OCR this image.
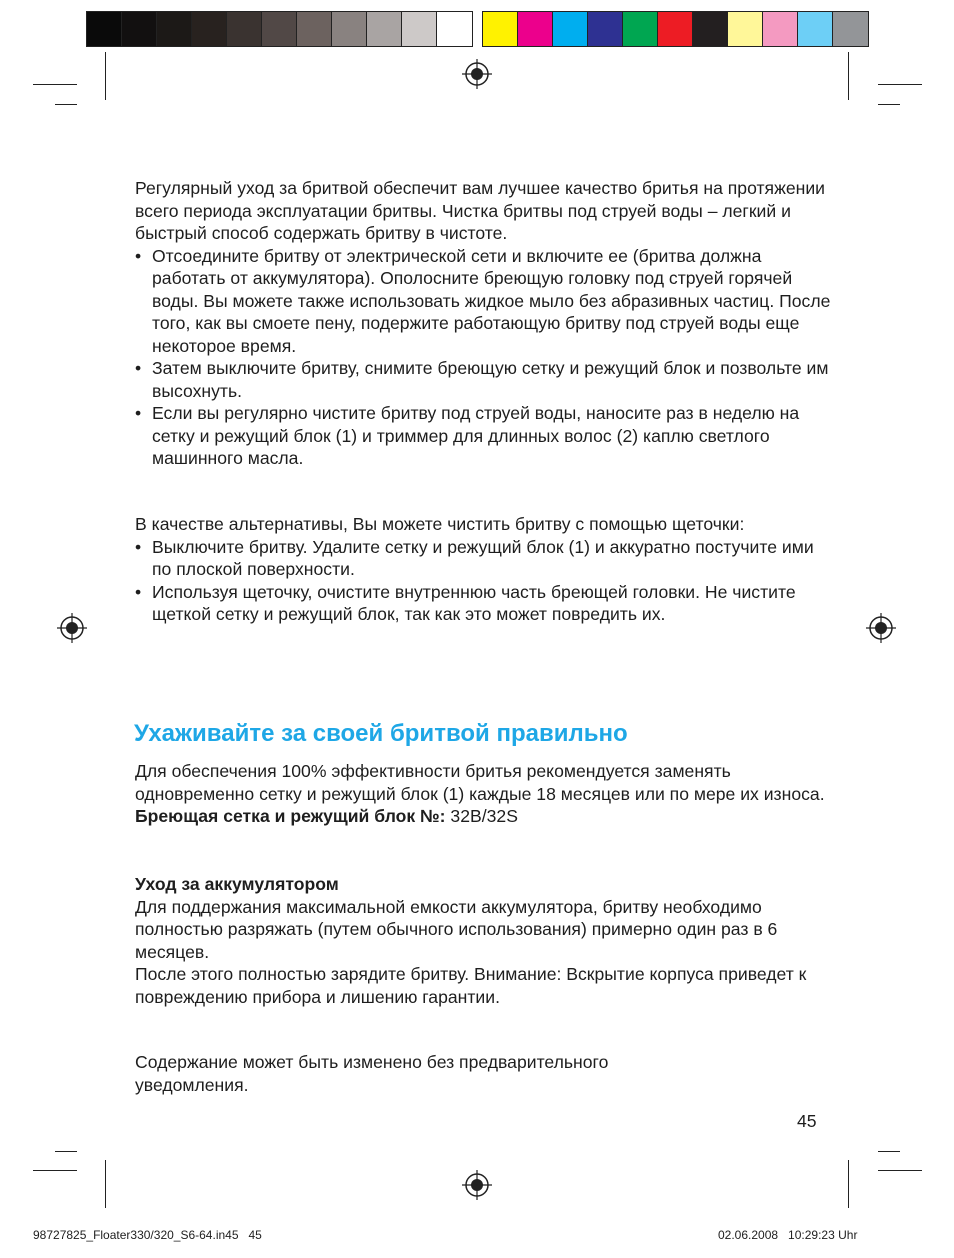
Регулярный уход за бритвой обеспечит вам лучшее качество бритья на протяжении всего периода эксплуатации бритвы. Чистка бритвы под струей воды – легкий и быстрый способ содержать бритву в чистоте.

• Отсоедините бритву от электрической сети и включите ее (бритва должна работать от аккумулятора). Ополосните бреющую головку под струей горячей воды. Вы можете также использовать жидкое мыло без абразивных частиц. После того, как вы смоете пену, подержите работающую бритву под струей воды еще некоторое время.
• Затем выключите бритву, снимите бреющую сетку и режущий блок и позвольте им высохнуть.
• Если вы регулярно чистите бритву под струей воды, наносите раз в неделю на сетку и режущий блок (1) и триммер для длинных волос (2) каплю светлого машинного масла.

В качестве альтернативы, Вы можете чистить бритву с помощью щеточки:

• Выключите бритву. Удалите сетку и режущий блок (1) и аккуратно постучите ими по плоской поверхности.
• Используя щеточку, очистите внутреннюю часть бреющей головки. Не чистите щеткой сетку и режущий блок, так как это может повредить их.
Ухаживайте за своей бритвой правильно

Для обеспечения 100% эффективности бритья рекомендуется заменять одновременно сетку и режущий блок (1) каждые 18 месяцев или по мере их износа.

Бреющая сетка и режущий блок №: 32B/32S

Уход за аккумулятором

Для поддержания максимальной емкости аккумулятора, бритву необходимо полностью разряжать (путем обычного использования) примерно один раз в 6 месяцев.

После этого полностью зарядите бритву. Внимание: Вскрытие корпуса приведет к повреждению прибора и лишению гарантии.

Содержание может быть изменено без предварительного уведомления.

45
98727825_Floater330/320_S6-64.in45   45	02.06.2008   10:29:23 Uhr
